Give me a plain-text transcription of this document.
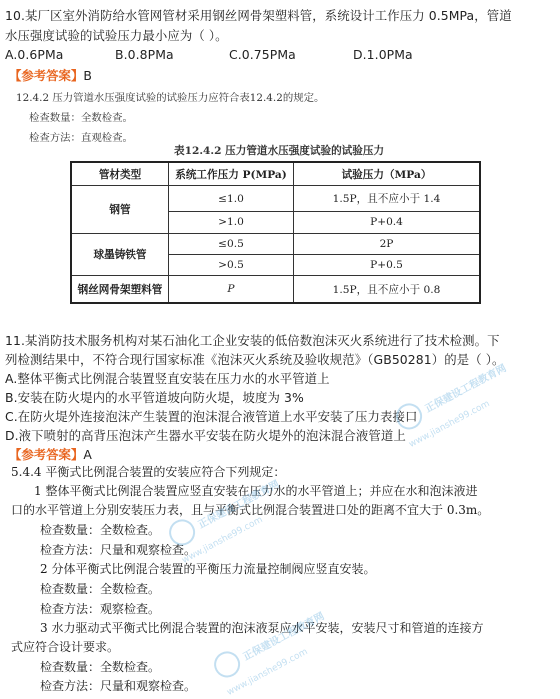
10.某厂区室外消防给水管网管材采用钢丝网骨架塑料管，系统设计工作压力 0.5MPa，管道
水压强度试验的试验压力最小应为（ ）。
A.0.6PMa	B.0.8PMa	C.0.75PMa	D.1.0PMa
【参考答案】B
12.4.2 压力管道水压强度试验的试验压力应符合表12.4.2的规定。
检查数量：全数检查。
检查方法：直观检查。
表12.4.2 压力管道水压强度试验的试验压力
管材类型	系统工作压力 P(MPa)	试验压力（MPa）
钢管	≤1.0	1.5P，且不应小于 1.4
	>1.0	P+0.4
球墨铸铁管	≤0.5	2P
	>0.5	P+0.5
钢丝网骨架塑料管	P	1.5P，且不应小于 0.8
11.某消防技术服务机构对某石油化工企业安装的低倍数泡沫灭火系统进行了技术检测。下
列检测结果中，不符合现行国家标准《泡沫灭火系统及验收规范》（GB50281）的是（ ）。
A.整体平衡式比例混合装置竖直安装在压力水的水平管道上
B.安装在防火堤内的水平管道坡向防火堤，坡度为 3%
C.在防火堤外连接泡沫产生装置的泡沫混合液管道上水平安装了压力表接口
D.液下喷射的高背压泡沫产生器水平安装在防火堤外的泡沫混合液管道上
【参考答案】A
5.4.4 平衡式比例混合装置的安装应符合下列规定：
1 整体平衡式比例混合装置应竖直安装在压力水的水平管道上；并应在水和泡沫液进
口的水平管道上分别安装压力表，且与平衡式比例混合装置进口处的距离不宜大于 0.3m。
检查数量：全数检查。
检查方法：尺量和观察检查。
2 分体平衡式比例混合装置的平衡压力流量控制阀应竖直安装。
检查数量：全数检查。
检查方法：观察检查。
3 水力驱动式平衡式比例混合装置的泡沫液泵应水平安装，安装尺寸和管道的连接方
式应符合设计要求。
检查数量：全数检查。
检查方法：尺量和观察检查。
正保建设工程教育网
www.jianshe99.com
正保建设工程教育网
www.jianshe99.com
正保建设工程教育网
www.jianshe99.com
